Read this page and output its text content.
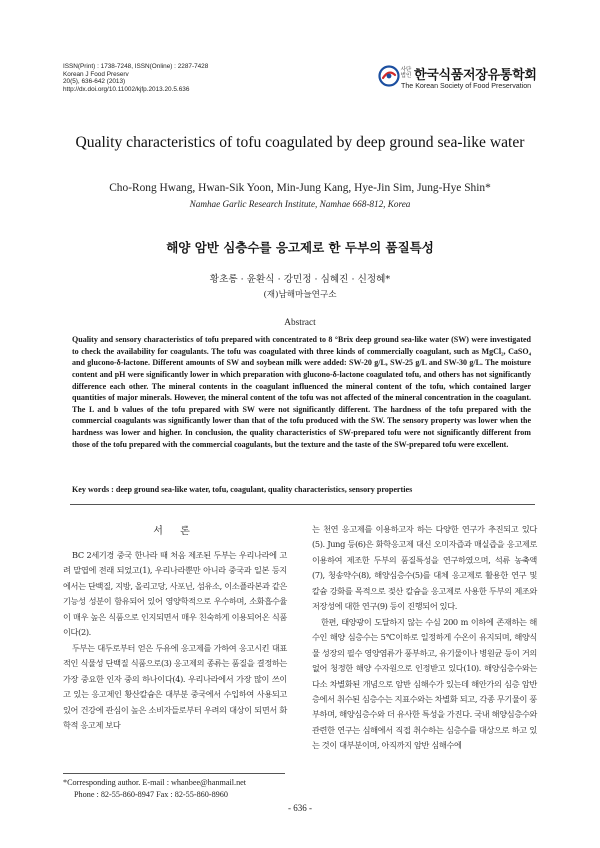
ISSN(Print) : 1738-7248, ISSN(Online) : 2287-7428
Korean J Food Preserv
20(5), 636-642 (2013)
http://dx.doi.org/10.11002/kjfp.2013.20.5.636
사단법인 한국식품저장유통학회
The Korean Society of Food Preservation
Quality characteristics of tofu coagulated by deep ground sea-like water
Cho-Rong Hwang, Hwan-Sik Yoon, Min-Jung Kang, Hye-Jin Sim, Jung-Hye Shin*
Namhae Garlic Research Institute, Namhae 668-812, Korea
해양 암반 심층수를 응고제로 한 두부의 품질특성
황초롱 · 윤환식 · 강민정 · 심혜진 · 신정혜*
(재)남해마늘연구소
Abstract
Quality and sensory characteristics of tofu prepared with concentrated to 8 °Brix deep ground sea-like water (SW) were investigated to check the availability for coagulants. The tofu was coagulated with three kinds of commercially coagulant, such as MgCl₂, CaSO₄ and glucono-δ-lactone. Different amounts of SW and soybean milk were added: SW-20 g/L, SW-25 g/L and SW-30 g/L. The moisture content and pH were significantly lower in which preparation with glucono-δ-lactone coagulated tofu, and others has not significantly difference each other. The mineral contents in the coagulant influenced the mineral content of the tofu, which contained larger quantities of major minerals. However, the mineral content of the tofu was not affected of the mineral concentration in the coagulant. The L and b values of the tofu prepared with SW were not significantly different. The hardness of the tofu prepared with the commercial coagulants was significantly lower than that of the tofu produced with the SW. The sensory property was lower when the hardness was lower and higher. In conclusion, the quality characteristics of SW-prepared tofu were not significantly different from those of the tofu prepared with the commercial coagulants, but the texture and the taste of the SW-prepared tofu were excellent.
Key words : deep ground sea-like water, tofu, coagulant, quality characteristics, sensory properties
서 론

BC 2세기경 중국 한나라 때 처음 제조된 두부는 우리나라에 고려 말엽에 전래 되었고(1), 우리나라뿐만 아니라 중국과 일본 등지에서는 단백질, 지방, 올리고당, 사포닌, 섬유소, 이소플라본과 같은 기능성 성분이 함유되어 있어 영양학적으로 우수하며, 소화흡수율이 매우 높은 식품으로 인지되면서 매우 친숙하게 이용되어온 식품이다(2).

두부는 대두로부터 얻은 두유에 응고제를 가하여 응고시킨 대표적인 식물성 단백질 식품으로(3) 응고제의 종류는 품질을 결정하는 가장 중요한 인자 중의 하나이다(4). 우리나라에서 가장 많이 쓰이고 있는 응고제인 황산칼슘은 대부분 중국에서 수입하여 사용되고 있어 건강에 관심이 높은 소비자들로부터 우려의 대상이 되면서 화학적 응고제 보다

는 천연 응고제를 이용하고자 하는 다양한 연구가 추진되고 있다(5). Jung 등(6)은 화학응고제 대신 오미자즙과 매실즙을 응고제로 이용하여 제조한 두부의 품질특성을 연구하였으며, 석류 농축액(7), 청송약수(8), 해양심층수(5)를 대체 응고제로 활용한 연구 및 칼슘 강화를 목적으로 젖산 칼슘을 응고제로 사용한 두부의 제조와 저장성에 대한 연구(9) 등이 진행되어 있다.

한편, 태양광이 도달하지 않는 수심 200 m 이하에 존재하는 해수인 해양 심층수는 5℃이하로 일정하게 수온이 유지되며, 해양식물 성장의 필수 영양염류가 풍부하고, 유기물이나 병원균 등이 거의 없어 청정한 해양 수자원으로 인정받고 있다(10). 해양심층수와는 다소 차별화된 개념으로 암반 심해수가 있는데 해안가의 심층 암반층에서 취수된 심층수는 지표수와는 차별화 되고, 각종 무기물이 풍부하며, 해양심층수와 더 유사한 특성을 가진다. 국내 해양심층수와 관련한 연구는 심해에서 직접 취수하는 심층수를 대상으로 하고 있는 것이 대부분이며, 아직까지 암반 심해수에

*Corresponding author. E-mail : whanbee@hanmail.net
Phone : 82-55-860-8947 Fax : 82-55-860-8960
- 636 -
